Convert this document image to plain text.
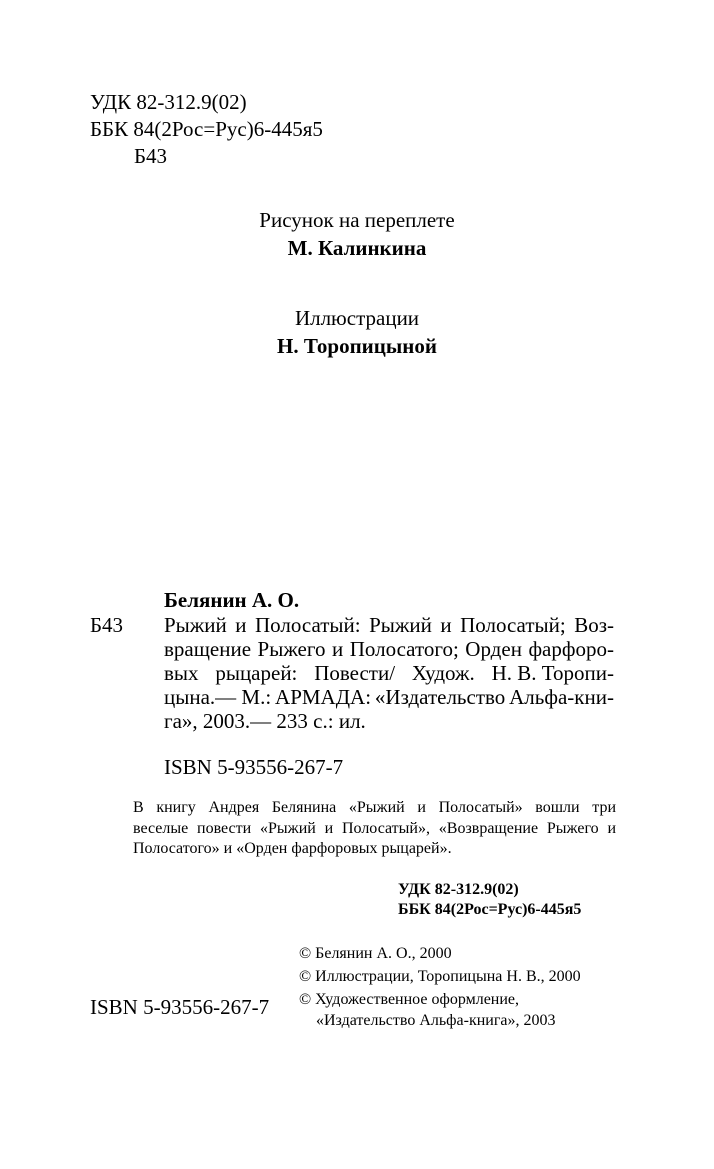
УДК 82-312.9(02)
ББК 84(2Рос=Рус)6-445я5
Б43
Рисунок на переплете
М. Калинкина
Иллюстрации
Н. Торопицыной
Белянин А. О.
Б43 Рыжий и Полосатый: Рыжий и Полосатый; Воз-
вращение Рыжего и Полосатого; Орден фарфоро-
вых рыцарей: Повести/ Худож. Н. В. Торопи-
цына.— М.: АРМАДА: «Издательство Альфа-кни-
га», 2003.— 233 с.: ил.
ISBN 5-93556-267-7
В книгу Андрея Белянина «Рыжий и Полосатый» вошли три
веселые повести «Рыжий и Полосатый», «Возвращение Рыжего и
Полосатого» и «Орден фарфоровых рыцарей».
УДК 82-312.9(02)
ББК 84(2Рос=Рус)6-445я5
© Белянин А. О., 2000
© Иллюстрации, Торопицына Н. В., 2000
© Художественное оформление,
«Издательство Альфа-книга», 2003
ISBN 5-93556-267-7
